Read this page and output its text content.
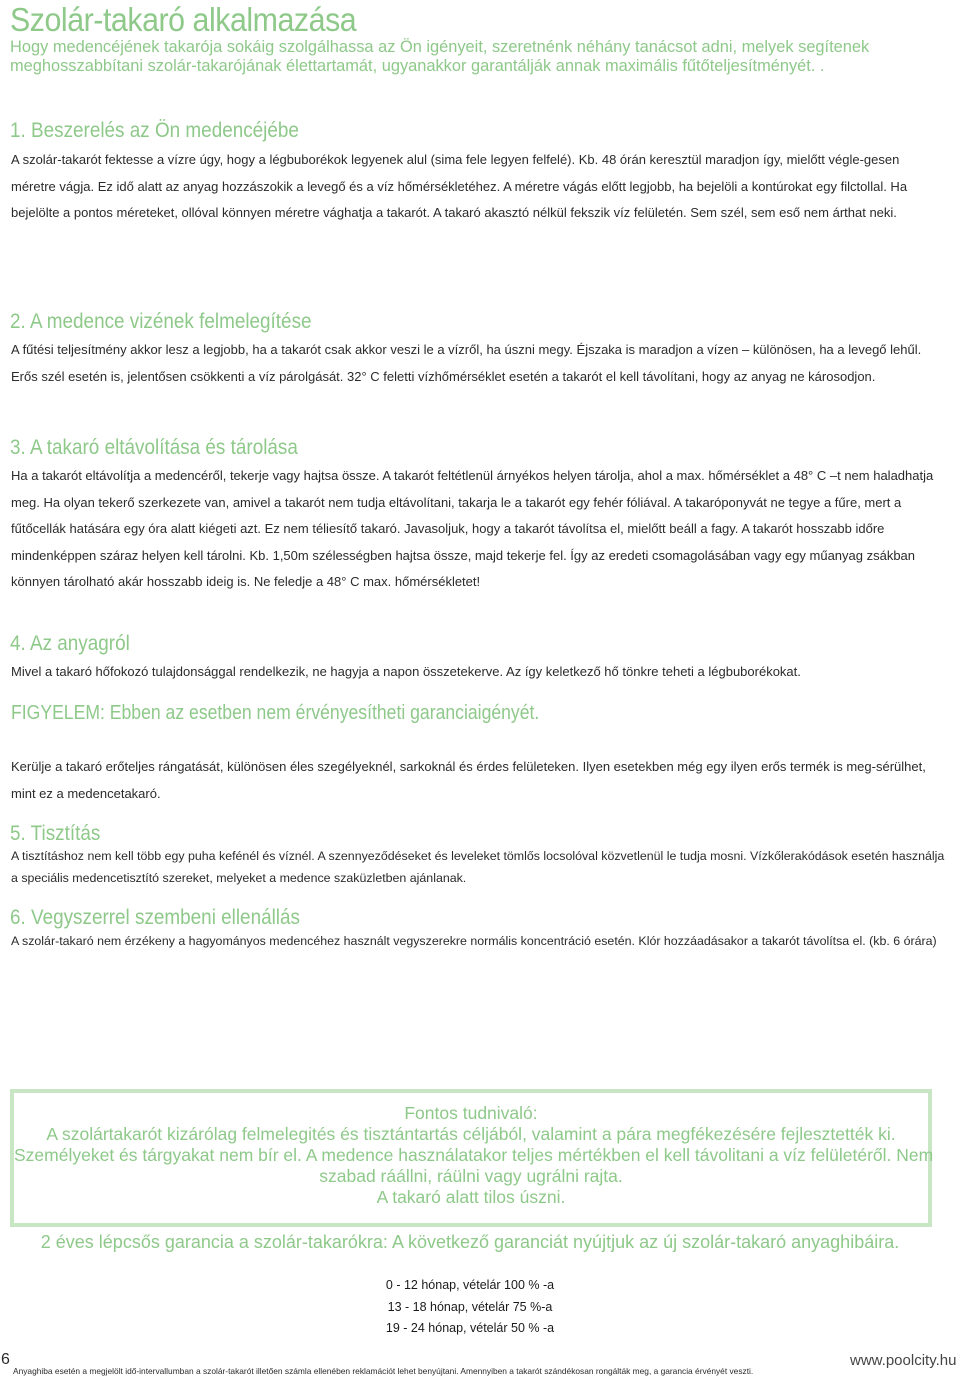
Szolár-takaró alkalmazása
Hogy medencéjének takarója sokáig szolgálhassa az Ön igényeit, szeretnénk néhány tanácsot adni, melyek segítenek meghosszabbítani szolár-takarójának élettartamát, ugyanakkor garantálják annak maximális fűtőteljesítményét. .
1. Beszerelés az Ön medencéjébe
A szolár-takarót fektesse a vízre úgy, hogy a légbuborékok legyenek alul (sima fele legyen felfelé). Kb. 48 órán keresztül maradjon így, mielőtt végle-gesen méretre vágja. Ez idő alatt az anyag hozzászokik a levegő és a víz hőmérsékletéhez. A méretre vágás előtt legjobb, ha bejelöli a kontúrokat egy filctollal. Ha bejelölte a pontos méreteket, ollóval könnyen méretre vághatja a takarót. A takaró akasztó nélkül fekszik víz felületén. Sem szél, sem eső nem árthat neki.
2. A medence vizének felmelegítése
A fűtési teljesítmény akkor lesz a legjobb, ha a takarót csak akkor veszi le a vízről, ha úszni megy. Éjszaka is maradjon a vízen – különösen, ha a levegő lehűl. Erős szél esetén is, jelentősen csökkenti a víz párolgását. 32° C feletti vízhőmérséklet esetén a takarót el kell távolítani, hogy az anyag ne károsodjon.
3. A takaró eltávolítása és tárolása
Ha a takarót eltávolítja a medencéről, tekerje vagy hajtsa össze. A takarót feltétlenül árnyékos helyen tárolja, ahol a max. hőmérséklet a 48° C –t nem haladhatja meg. Ha olyan tekerő szerkezete van, amivel a takarót nem tudja eltávolítani, takarja le a takarót egy fehér fóliával. A takaróponyvát ne tegye a fűre, mert a fűtőcellák hatására egy óra alatt kiégeti azt. Ez nem téliesítő takaró. Javasoljuk, hogy a takarót távolítsa el, mielőtt beáll a fagy. A takarót hosszabb időre mindenképpen száraz helyen kell tárolni. Kb. 1,50m szélességben hajtsa össze, majd tekerje fel. Így az eredeti csomagolásában vagy egy műanyag zsákban könnyen tárolható akár hosszabb ideig is. Ne feledje a 48° C max. hőmérsékletet!
4. Az anyagról
Mivel a takaró hőfokozó tulajdonsággal rendelkezik, ne hagyja a napon összetekerve. Az így keletkező hő tönkre teheti a légbuborékokat.
FIGYELEM: Ebben az esetben nem érvényesítheti garanciaigényét.
Kerülje a takaró erőteljes rángatását, különösen éles szegélyeknél, sarkoknál és érdes felületeken. Ilyen esetekben még egy ilyen erős termék is meg-sérülhet, mint ez a medencetakaró.
5. Tisztítás
A tisztításhoz nem kell több egy puha kefénél és víznél. A szennyeződéseket és leveleket tömlős locsolóval közvetlenül le tudja mosni. Vízkőlerakódások esetén használja a speciális medencetisztító szereket, melyeket a medence szaküzletben ajánlanak.
6. Vegyszerrel szembeni ellenállás
A szolár-takaró nem érzékeny a hagyományos medencéhez használt vegyszerekre normális koncentráció esetén. Klór hozzáadásakor a takarót távolítsa el. (kb. 6 órára)
Fontos tudnivaló:
A szolártakarót kizárólag felmelegités és tisztántartás céljából, valamint a pára megfékezésére fejlesztették ki.
Személyeket és tárgyakat nem bír el. A medence használatakor teljes mértékben el kell távolitani a víz felületéről. Nem
szabad ráállni, ráülni vagy ugrálni rajta.
A takaró alatt tilos úszni.
2 éves lépcsős garancia a szolár-takarókra: A következő garanciát nyújtjuk az új szolár-takaró anyaghibáira.
0 - 12 hónap, vételár 100 % -a
13 - 18 hónap, vételár 75 %-a
19 - 24 hónap, vételár 50 % -a
6
Anyaghiba esetén a megjelölt idő-intervallumban a szolár-takarót illetően számla ellenében reklamációt lehet benyújtani. Amennyiben a takarót szándékosan rongálták meg, a garancia érvényét veszti.
www.poolcity.hu
